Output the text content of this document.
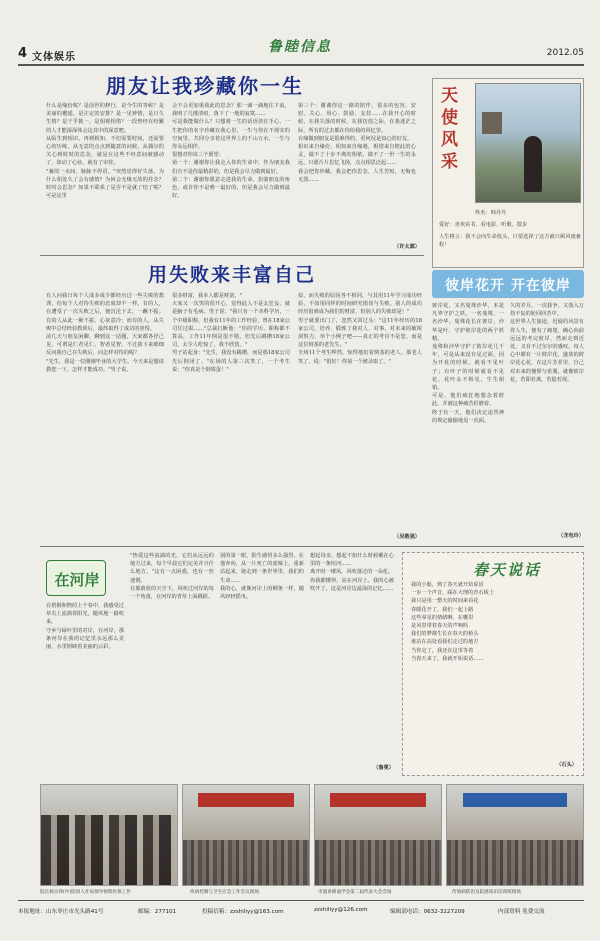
4 文体娱乐
鲁睦信息	2012.05
朋友让我珍藏你一生
什么是缘份呢？是前世的修行，是今生的等候？是美丽的邂逅，是注定的安排？是一见钟情，是日久生情？是千乎挑一，是相视相惜？一段曾经在纷繁的人才能深深体会这其中的深意吧。
从陌生到相识，再到相知，不但需要时间，还需要心的历练，从无意的点点到随意的问候，从偶尔的关心到时时的思念，就是在这些不经意间被感动了，却动了心弦，就有了牵挂。
"蒹葭一水间，脉脉不得语。"突然觉得好失落，为什么相处久了会有感情？为何会无缘无故的挂念？时时会思念？如果不联系了是否不是就了结了呢？可是这里
会不会更加重我此的思念？那一滴一滴地往下流，我明了几缕清痕，落下了一地的寂寞……
可是我能做什么？只想将一生的话语放在手心，一生把你的名字珍藏在我心里，一生与你在不现实的空间里，共同分享着这世界上的千山万水，一生与你永远相伴。
很想对你说三个愿望：
第一个：谢谢你让我走入你的生命中，作为朋友我们有不是你最精彩的，但是我会尽力做到最好。
第二个：谢谢你愿意走进我的生命，扮演朋友的角色，或许你不是唯一最好的，但是我会尽力做到最好。
第三个：谢谢你这一路的陪伴，很多的包容、安慰、关心、用心、鼓励、支持……在我开心的时候，在我失落的时候，在我彷徨之际，在我迷茫之际，所有的过去都在你给我的回忆里。
有缘做到朋友是很难得的，更何况是知心的好友。
相识来自缘份，相知来自缘遇，相惜来自彼此的心灵，做不了十步不离的相依，做不了一世一生的永远，只愿片片思忆飞扬，点点相思泛起……
我会把你珍藏，我会把你思念，人生苦短，无悔也无怨……
（许太霖）
天使风采
姓名：韩丹丹
爱好：喜欢看书、看电影、听歌、散步
人生格言：我不会向生命低头，只要选择了这方就只顾风雨兼程！
用失败来丰富自己
有人问我日每个人成多成少都经历过一些失败的教训，但每个人对待失败的态度却不一样。有的人，在遭受了一次失败之后，便沉沦下去，一蹶不振；有的人从此一厥不振，心灰意冷；而有的人，从失败中总结经验教训后，最终取得了成功的喜悦。
前几天与朋友闲聊，聊到这一话题，大家都各抒己见，可谓是仁者见仁，智者见智。不过我下来细细反问我自己在失败后，向怎样对待的呢？
"先生，我是一位刚刚毕业的大学生。今天来是想请教您一下，怎样才能成功。"男子说。
很多财富，我本人都是财富。"
大家又一次笑的很开心，觉得此人不是太狂妄，就是脑子有毛病。男子说："我只有一个本科学历，一个中级职称，但我有11年的工作经验，曾在18家公司任过职……"总裁打断他："你的学历、职称都不算高，工作11年倒是很不错，但先后跳槽18家公司，太令人吃惊了，我不欣赏。"
男子站起身："先生，我没有跳槽，而是那18家公司先后倒闭了。"在场的人第三次笑了，一个考生说："你真是个倒霉蛋！"
似，而失败的原因各不相同，与其用11年学习成功经验，不如用同样的时间研究错误与失败。别人的成功经历很难成为我们的财富，但别人的失败却是！"
男子就要出门了，忽然又回过头："这11年经历的18家公司，培养、锻炼了我对人、对事、对未来的敏锐洞察力，举个小例子吧——真正的考官不是您，而是这位倒茶的老先生。"
全场11个考生哗然，惊愕地盯着倒茶的老人。那老人笑了，说："很好！你第一个被录取了。"
（吴敬强）
彼岸花开 开在彼岸
彼岸花，又名曼珠沙华，本是凡界守护之妖，一名曼殊，一名沙华。曼殊花长在彼岸，沙华是叶，守护彼岸花的两个妖精。
曼殊和沙华守护了彼岸花几千年，可是从来没有见过面，因为开花的时候，就看不见叶子；有叶子的时候就看不见花，花叶永不相见，生生相错。
可是，他们疯狂地想念着彼此，并被这种痛苦折磨着。
终于有一天，他们决定违背神的规定偷偷地见一次面。
久的岁月。一次我争，又落入万劫不复的轮回回苦中。
这世界人生旅途，迟疑的风景有你人生，便有了痛楚，确心向前远远的考完彼岸，然而走到近处，又有不过尔尔的感叹。每人心中都有一片彼岸花，盛放的彼岸花心花，在这片芳菲里，自己对未来的憧憬与希冀，就像彼岸花，若即若离，若隐若现。
（龙电玲）
在河岸
在梧桐和煦的上个春中，我感受过草尖上流淌着阳光，随风地一路吹来。
守乡与绿叶里的对岸，在河岸，那条河岸在我的记忆里永远那么美丽，水里倒映着美丽的云彩。
"热爱这些流淌的光，它们从远远的地方过来，每个早晨它们完美并且什么地方。"这有一点困惑，也有一丝迷惘。
在那蔚蓝的天空下，风吹过河岸的每一个角落，在河岸的青草上面跳跃。
别的第一眼，阳生感悟多么强烈，在他奔向，从一片死亡的废墟上，重新站起来，她走到一条世界里，我们的生命……
我的心，就像河岸上的柳条一样，随风轻轻摇曳。
想起母亲，想起不如什么时候戴在心里的一条恒河……
离开时一缕风，风吹落过的一朵花。
你我都懂得，站在河岸上，我的心被吹开了，这是河岸边最深的记忆……
（詹冕）
春天说话
我的小船，到了春天就开始说话
一步一个声音，踩在大理的青石板上
我只是用一整天的时间来看花
春暖花开了，我们一起上路
这些零星的情绪啊，在哪里
是风里带着春天的声响吗
我们的梦都生长在春天的桥头
谁站在高处看我们走过的地方
当你走了，我还在这里等着
当春天来了，我就开始说话……
（石头）
院长杨宗铎(中)陪同人社局领导视察医保工作	疾病控制与卫生应急工作会议现场	市演讲朗诵学会第二届代表大会会场	传染病防治及院感知识培训班现场
本报地址：山东枣庄市光头路41号	邮编：277101	投稿信箱：zzshiliyy@163.com	zzshiliyy@126.com	编辑部电话：0632-3227209	内部资料 免费交流
